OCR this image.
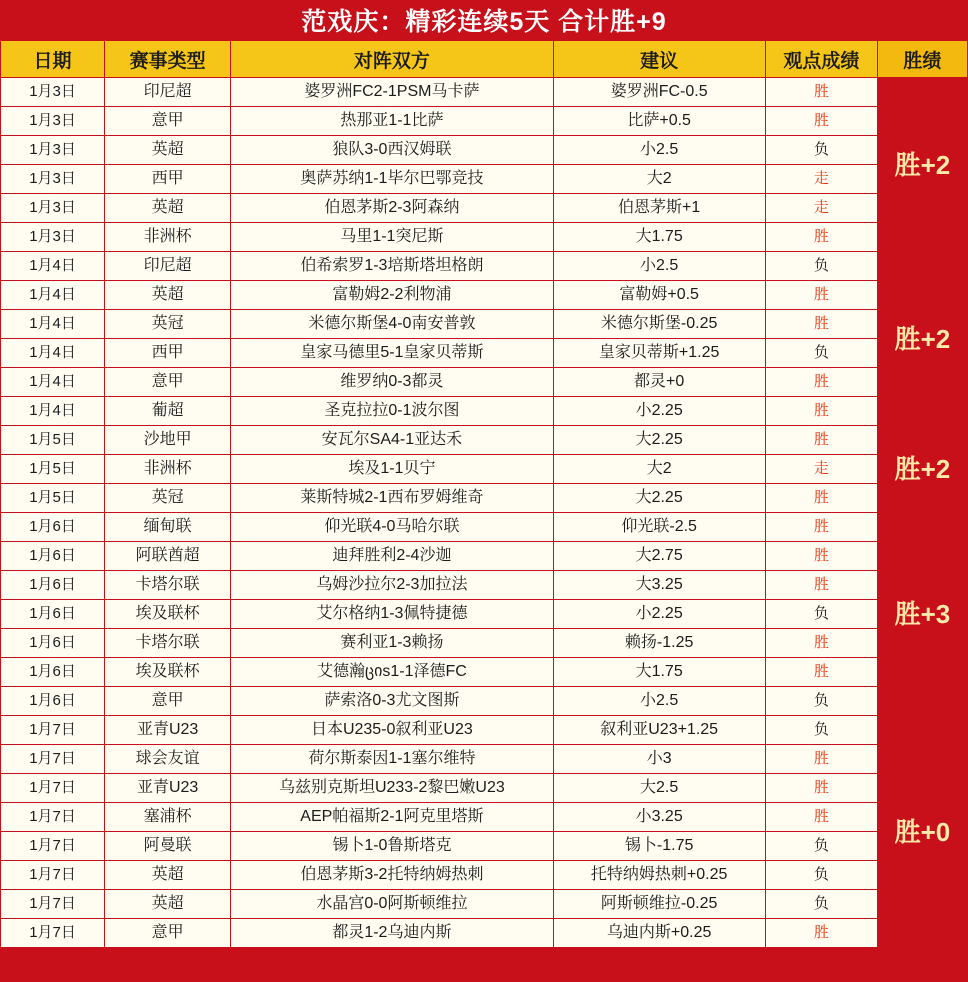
范戏庆：精彩连续5天 合计胜+9
日期	赛事类型	对阵双方	建议	观点成绩	胜绩
1月3日	印尼超	婆罗洲FC2-1PSM马卡萨	婆罗洲FC-0.5	胜	胜+2
1月3日	意甲	热那亚1-1比萨	比萨+0.5	胜	
1月3日	英超	狼队3-0西汉姆联	小2.5	负	
1月3日	西甲	奥萨苏纳1-1毕尔巴鄂竞技	大2	走	
1月3日	英超	伯恩茅斯2-3阿森纳	伯恩茅斯+1	走	
1月3日	非洲杯	马里1-1突尼斯	大1.75	胜	
1月4日	印尼超	伯希索罗1-3培斯塔坦格朗	小2.5	负	胜+2
1月4日	英超	富勒姆2-2利物浦	富勒姆+0.5	胜	
1月4日	英冠	米德尔斯堡4-0南安普敦	米德尔斯堡-0.25	胜	
1月4日	西甲	皇家马德里5-1皇家贝蒂斯	皇家贝蒂斯+1.25	负	
1月4日	意甲	维罗纳0-3都灵	都灵+0	胜	
1月4日	葡超	圣克拉拉0-1波尔图	小2.25	胜	
1月5日	沙地甲	安瓦尔SA4-1亚达禾	大2.25	胜	胜+2
1月5日	非洲杯	埃及1-1贝宁	大2	走	
1月5日	英冠	莱斯特城2-1西布罗姆维奇	大2.25	胜	
1月6日	缅甸联	仰光联4-0马哈尔联	仰光联-2.5	胜	胜+3
1月6日	阿联酋超	迪拜胜利2-4沙迦	大2.75	胜	
1月6日	卡塔尔联	乌姆沙拉尔2-3加拉法	大3.25	胜	
1月6日	埃及联杯	艾尔格纳1-3佩特捷德	小2.25	负	
1月6日	卡塔尔联	赛利亚1-3赖扬	赖扬-1.25	胜	
1月6日	埃及联杯	艾德瀚ციs1-1泽德FC	大1.75	胜	
1月6日	意甲	萨索洛0-3尤文图斯	小2.5	负	
1月7日	亚青U23	日本U235-0叙利亚U23	叙利亚U23+1.25	负	胜+0
1月7日	球会友谊	荷尔斯泰因1-1塞尔维特	小3	胜	
1月7日	亚青U23	乌兹别克斯坦U233-2黎巴嫩U23	大2.5	胜	
1月7日	塞浦杯	AEP帕福斯2-1阿克里塔斯	小3.25	胜	
1月7日	阿曼联	锡卜1-0鲁斯塔克	锡卜-1.75	负	
1月7日	英超	伯恩茅斯3-2托特纳姆热刺	托特纳姆热刺+0.25	负	
1月7日	英超	水晶宫0-0阿斯顿维拉	阿斯顿维拉-0.25	负	
1月7日	意甲	都灵1-2乌迪内斯	乌迪内斯+0.25	胜	
